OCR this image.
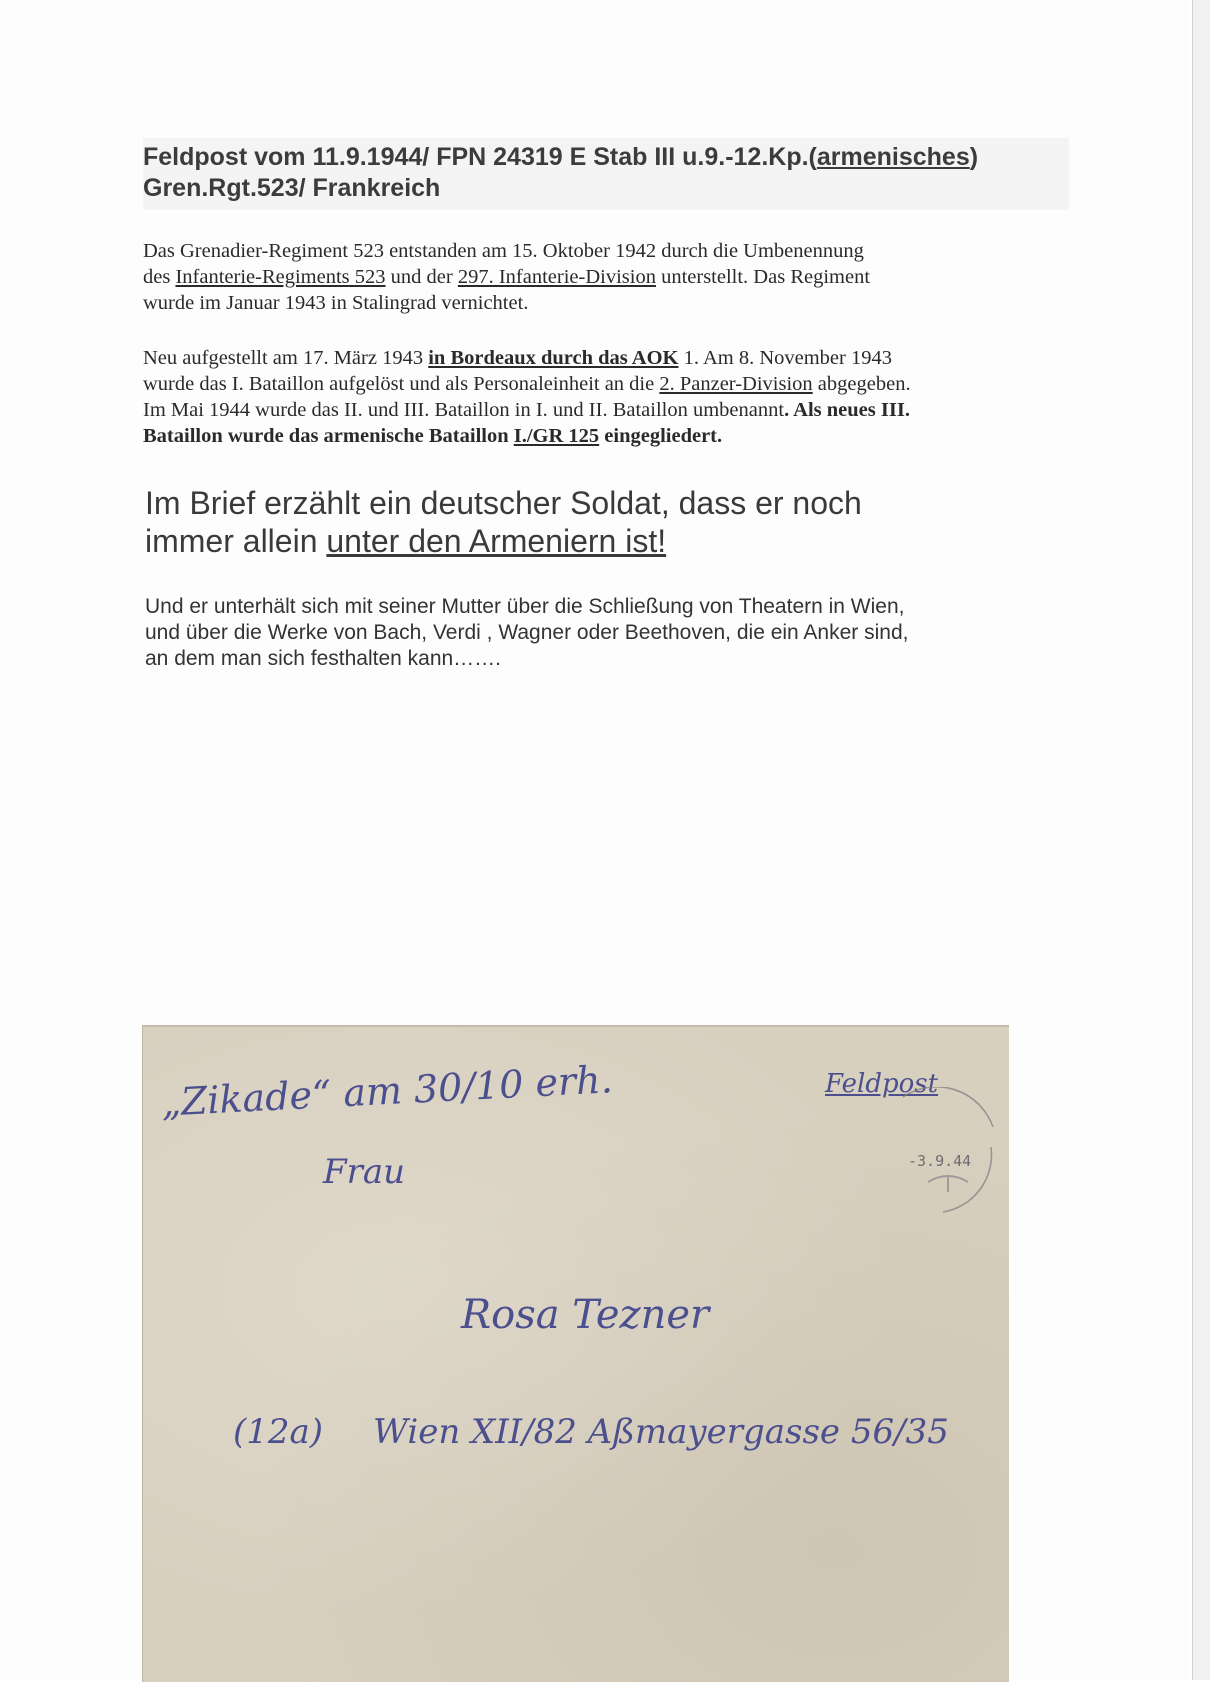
Feldpost vom 11.9.1944/ FPN 24319 E Stab III u.9.-12.Kp.(armenisches)
Gren.Rgt.523/ Frankreich
Das Grenadier-Regiment 523 entstanden am 15. Oktober 1942 durch die Umbenennung
des Infanterie-Regiments 523 und der 297. Infanterie-Division unterstellt. Das Regiment
wurde im Januar 1943 in Stalingrad vernichtet.
Neu aufgestellt am 17. März 1943 in Bordeaux durch das AOK 1. Am 8. November 1943
wurde das I. Bataillon aufgelöst und als Personaleinheit an die 2. Panzer-Division abgegeben.
Im Mai 1944 wurde das II. und III. Bataillon in I. und II. Bataillon umbenannt. Als neues III.
Bataillon wurde das armenische Bataillon I./GR 125 eingegliedert.
Im Brief erzählt ein deutscher Soldat, dass er noch
immer allein unter den Armeniern ist!
Und er unterhält sich mit seiner Mutter über die Schließung von Theatern in Wien,
und über die Werke von Bach, Verdi , Wagner oder Beethoven, die ein Anker sind,
an dem man sich festhalten kann…….
„Zikade“ am 30/10 erh.
Frau
Rosa Tezner
(12a) Wien XII/82 Aßmayergasse 56/35
Feldpost
-3.9.44
